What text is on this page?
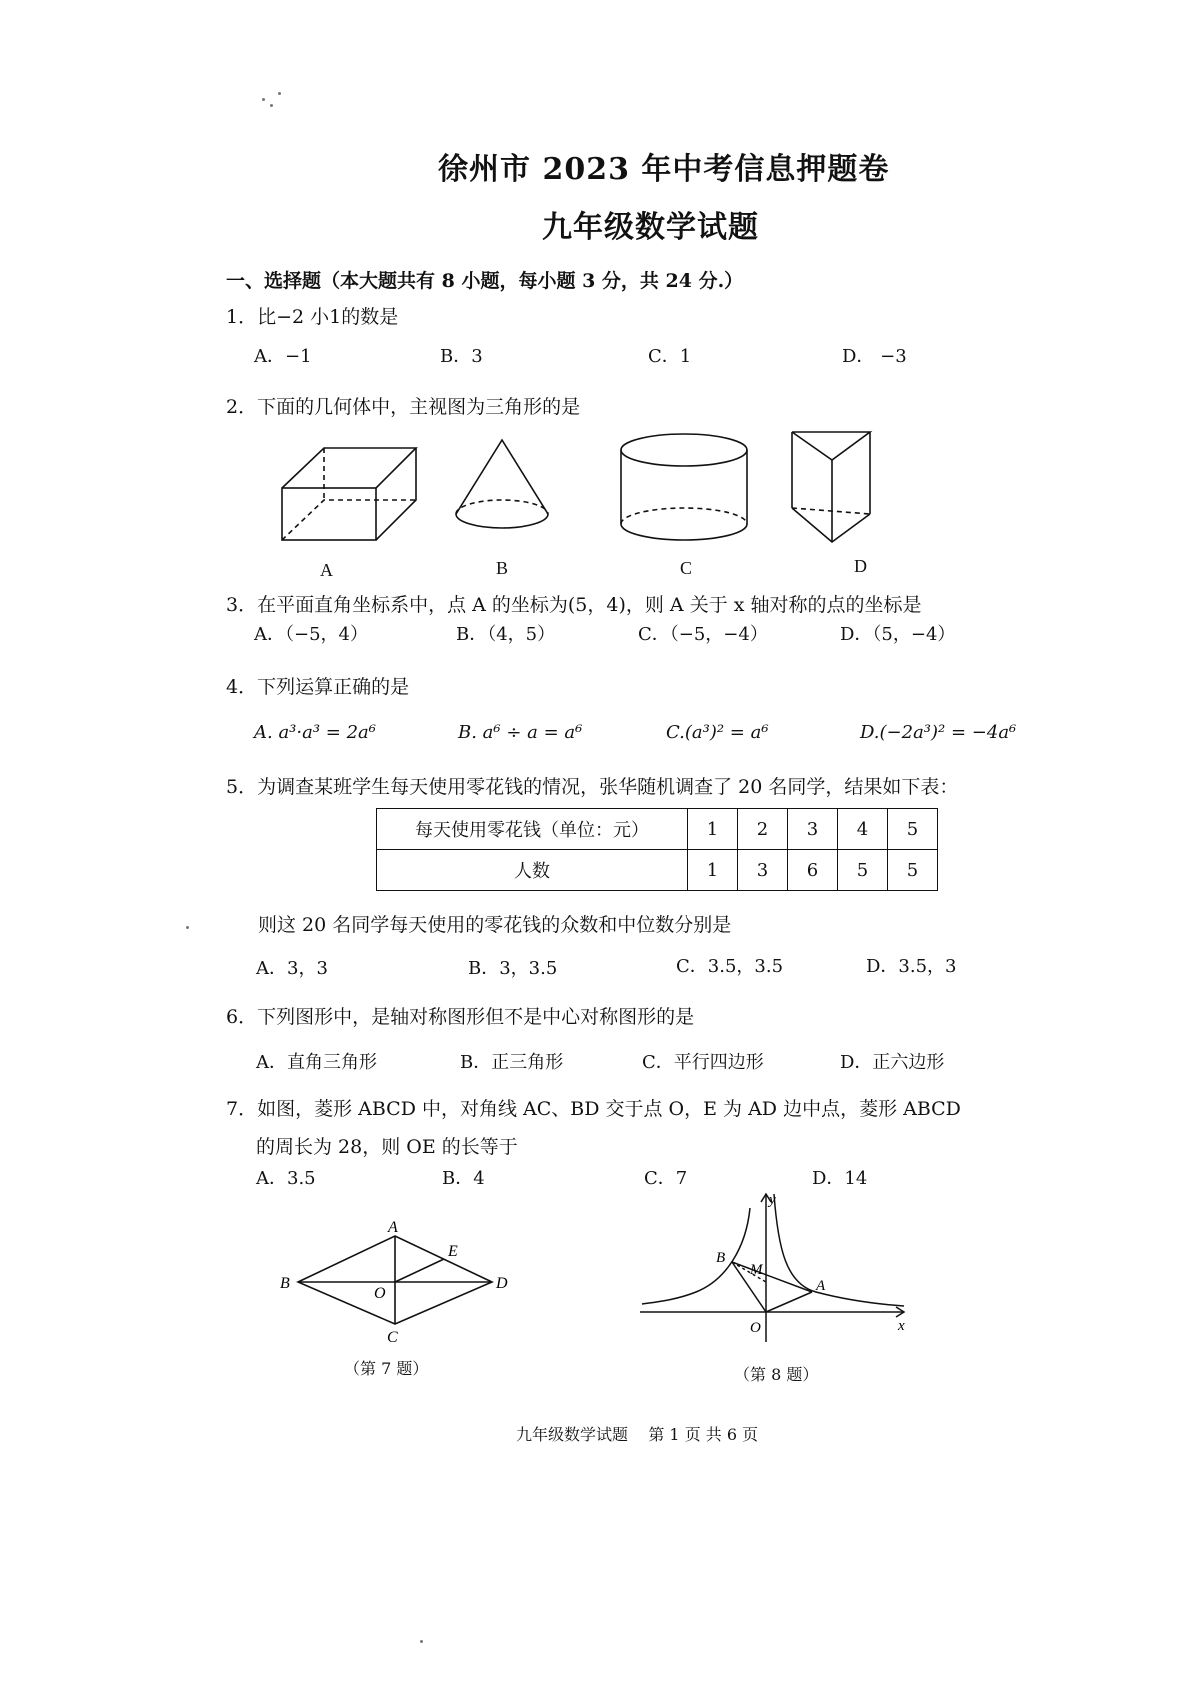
徐州市 2023 年中考信息押题卷
九年级数学试题
一、选择题（本大题共有 8 小题，每小题 3 分，共 24 分.）
1．比−2 小1的数是
A．−1	B．3	C．1	D． −3
2．下面的几何体中，主视图为三角形的是
A	B	C	D
3．在平面直角坐标系中，点 A 的坐标为(5，4)，则 A 关于 x 轴对称的点的坐标是
A．（−5，4）	B．（4，5）	C．（−5，−4）	D．（5，−4）
4．下列运算正确的是
A. a³·a³ = 2a⁶	B. a⁶ ÷ a = a⁶	C.(a³)² = a⁶	D.(−2a³)² = −4a⁶
5．为调查某班学生每天使用零花钱的情况，张华随机调查了 20 名同学，结果如下表：
每天使用零花钱（单位：元）	1	2	3	4	5
人数	1	3	6	5	5
则这 20 名同学每天使用的零花钱的众数和中位数分别是
A．3，3	B．3，3.5	C．3.5，3.5	D．3.5，3
6．下列图形中，是轴对称图形但不是中心对称图形的是
A．直角三角形	B．正三角形	C．平行四边形	D．正六边形
7．如图，菱形 ABCD 中，对角线 AC、BD 交于点 O，E 为 AD 边中点，菱形 ABCD
的周长为 28，则 OE 的长等于
A．3.5	B．4	C．7	D．14
A
B
C
D
E
O
（第 7 题）
y
x
O
A
B
M
（第 8 题）
九年级数学试题    第 1 页 共 6 页
